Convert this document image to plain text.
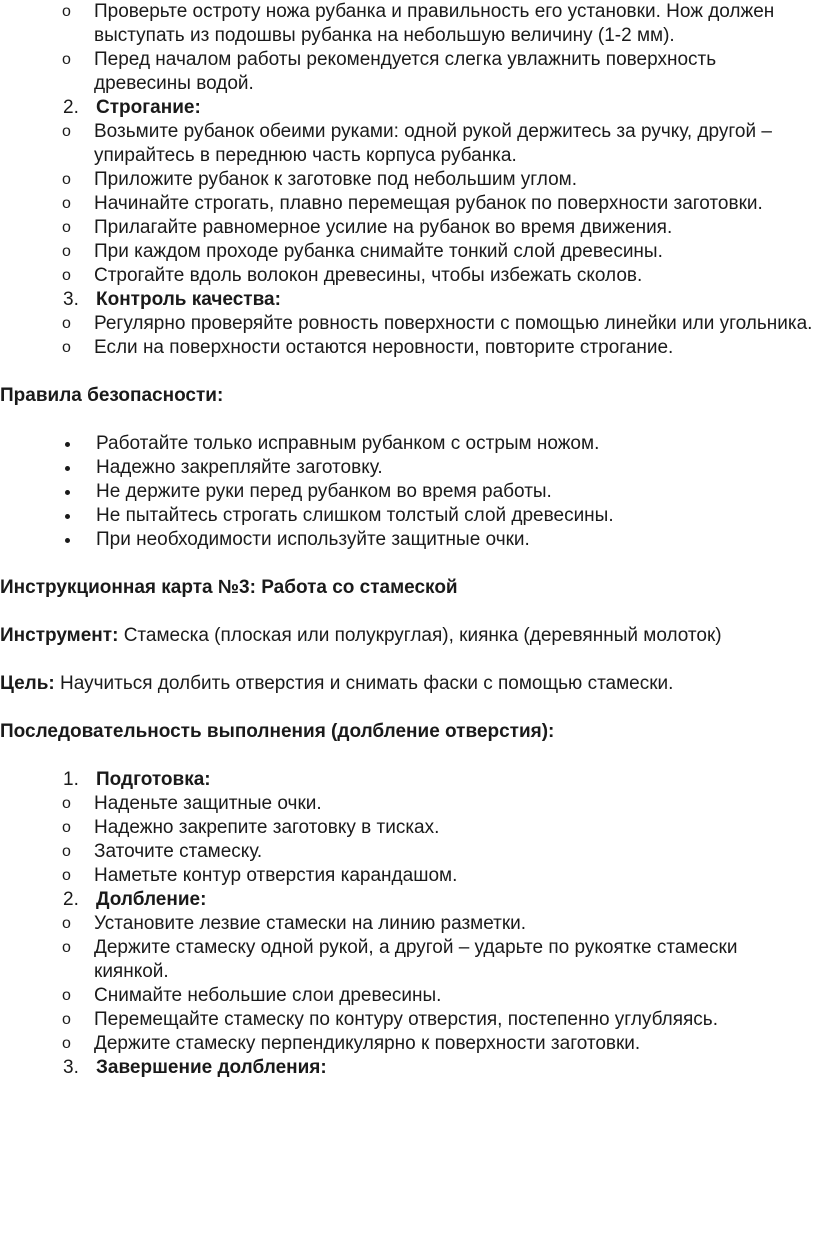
o	Проверьте остроту ножа рубанка и правильность его установки. Нож должен выступать из подошвы рубанка на небольшую величину (1-2 мм).
o	Перед началом работы рекомендуется слегка увлажнить поверхность древесины водой.
2. Строгание:
o	Возьмите рубанок обеими руками: одной рукой держитесь за ручку, другой – упирайтесь в переднюю часть корпуса рубанка.
o	Приложите рубанок к заготовке под небольшим углом.
o	Начинайте строгать, плавно перемещая рубанок по поверхности заготовки.
o	Прилагайте равномерное усилие на рубанок во время движения.
o	При каждом проходе рубанка снимайте тонкий слой древесины.
o	Строгайте вдоль волокон древесины, чтобы избежать сколов.
3. Контроль качества:
o	Регулярно проверяйте ровность поверхности с помощью линейки или угольника.
o	Если на поверхности остаются неровности, повторите строгание.
Правила безопасности:
Работайте только исправным рубанком с острым ножом.
Надежно закрепляйте заготовку.
Не держите руки перед рубанком во время работы.
Не пытайтесь строгать слишком толстый слой древесины.
При необходимости используйте защитные очки.
Инструкционная карта №3: Работа со стамеской
Инструмент: Стамеска (плоская или полукруглая), киянка (деревянный молоток)
Цель: Научиться долбить отверстия и снимать фаски с помощью стамески.
Последовательность выполнения (долбление отверстия):
1. Подготовка:
o	Наденьте защитные очки.
o	Надежно закрепите заготовку в тисках.
o	Заточите стамеску.
o	Наметьте контур отверстия карандашом.
2. Долбление:
o	Установите лезвие стамески на линию разметки.
o	Держите стамеску одной рукой, а другой – ударьте по рукоятке стамески киянкой.
o	Снимайте небольшие слои древесины.
o	Перемещайте стамеску по контуру отверстия, постепенно углубляясь.
o	Держите стамеску перпендикулярно к поверхности заготовки.
3. Завершение долбления:
